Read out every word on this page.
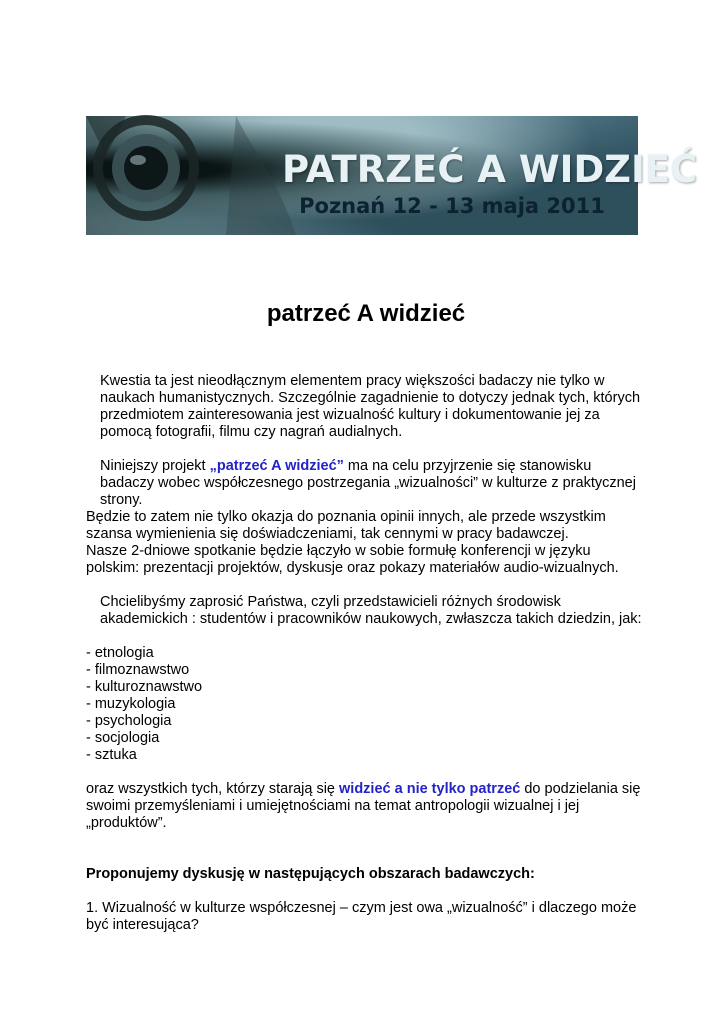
PATRZEĆ A WIDZIEĆ
Poznań 12 - 13 maja 2011
patrzeć A widzieć

Kwestia ta jest nieodłącznym elementem pracy większości badaczy nie tylko w naukach humanistycznych. Szczególnie zagadnienie to dotyczy jednak tych, których przedmiotem zainteresowania jest wizualność kultury i dokumentowanie jej za pomocą fotografii, filmu czy nagrań audialnych.

Niniejszy projekt „patrzeć A widzieć” ma na celu przyjrzenie się stanowisku badaczy wobec współczesnego postrzegania „wizualności” w kulturze z praktycznej strony.

Będzie to zatem nie tylko okazja do poznania opinii innych, ale przede wszystkim szansa wymienienia się doświadczeniami, tak cennymi w pracy badawczej.

Nasze 2-dniowe spotkanie będzie łączyło w sobie formułę konferencji w języku polskim: prezentacji projektów, dyskusje oraz pokazy materiałów audio-wizualnych.

Chcielibyśmy zaprosić Państwa, czyli przedstawicieli różnych środowisk akademickich : studentów i pracowników naukowych, zwłaszcza takich dziedzin, jak:

- etnologia
- filmoznawstwo
- kulturoznawstwo
- muzykologia
- psychologia
- socjologia
- sztuka

oraz wszystkich tych, którzy starają się widzieć a nie tylko patrzeć do podzielania się swoimi przemyśleniami i umiejętnościami na temat antropologii wizualnej i jej „produktów”.

Proponujemy dyskusję w następujących obszarach badawczych:

1. Wizualność w kulturze współczesnej – czym jest owa „wizualność” i dlaczego może być interesująca?
